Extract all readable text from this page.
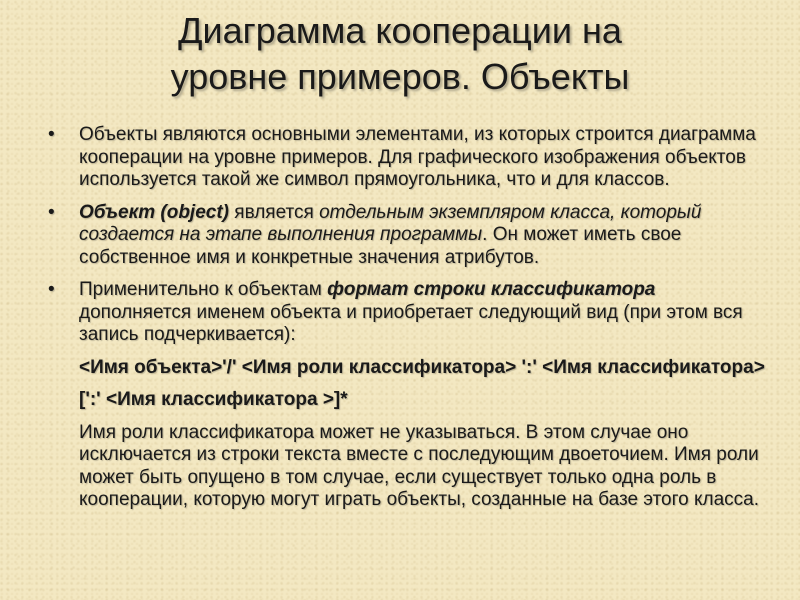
Диаграмма кооперации на
уровне примеров. Объекты
• Объекты являются основными элементами, из которых строится диаграмма кооперации на уровне примеров. Для графического изображения объектов используется такой же символ прямоугольника, что и для классов.
• Объект (object) является отдельным экземпляром класса, который создается на этапе выполнения программы. Он может иметь свое собственное имя и конкретные значения атрибутов.
• Применительно к объектам формат строки классификатора дополняется именем объекта и приобретает следующий вид (при этом вся запись подчеркивается):
<Имя объекта>'/' <Имя роли классификатора> ':' <Имя классификатора>
[':' <Имя классификатора >]*
Имя роли классификатора может не указываться. В этом случае оно исключается из строки текста вместе с последующим двоеточием. Имя роли может быть опущено в том случае, если существует только одна роль в кооперации, которую могут играть объекты, созданные на базе этого класса.
